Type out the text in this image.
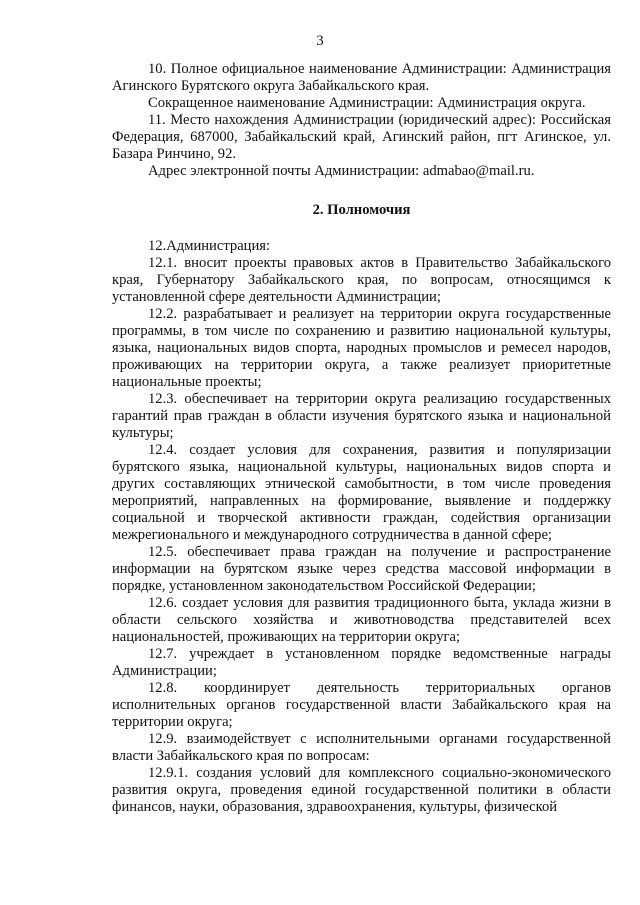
3

10. Полное официальное наименование Администрации: Администрация Агинского Бурятского округа Забайкальского края.

Сокращенное наименование Администрации: Администрация округа.

11. Место нахождения Администрации (юридический адрес): Российская Федерация, 687000, Забайкальский край, Агинский район, пгт Агинское, ул. Базара Ринчино, 92.

Адрес электронной почты Администрации: admabao@mail.ru.

2. Полномочия

12.Администрация:

12.1. вносит проекты правовых актов в Правительство Забайкальского края, Губернатору Забайкальского края, по вопросам, относящимся к установленной сфере деятельности Администрации;

12.2. разрабатывает и реализует на территории округа государственные программы, в том числе по сохранению и развитию национальной культуры, языка, национальных видов спорта, народных промыслов и ремесел народов, проживающих на территории округа, а также реализует приоритетные национальные проекты;

12.3. обеспечивает на территории округа реализацию государственных гарантий прав граждан в области изучения бурятского языка и национальной культуры;

12.4. создает условия для сохранения, развития и популяризации бурятского языка, национальной культуры, национальных видов спорта и других составляющих этнической самобытности, в том числе проведения мероприятий, направленных на формирование, выявление и поддержку социальной и творческой активности граждан, содействия организации межрегионального и международного сотрудничества в данной сфере;

12.5. обеспечивает права граждан на получение и распространение информации на бурятском языке через средства массовой информации в порядке, установленном законодательством Российской Федерации;

12.6. создает условия для развития традиционного быта, уклада жизни в области сельского хозяйства и животноводства представителей всех национальностей, проживающих на территории округа;

12.7. учреждает в установленном порядке ведомственные награды Администрации;

12.8. координирует деятельность территориальных органов исполнительных органов государственной власти Забайкальского края на территории округа;

12.9. взаимодействует с исполнительными органами государственной власти Забайкальского края по вопросам:

12.9.1. создания условий для комплексного социально-экономического развития округа, проведения единой государственной политики в области финансов, науки, образования, здравоохранения, культуры, физической
